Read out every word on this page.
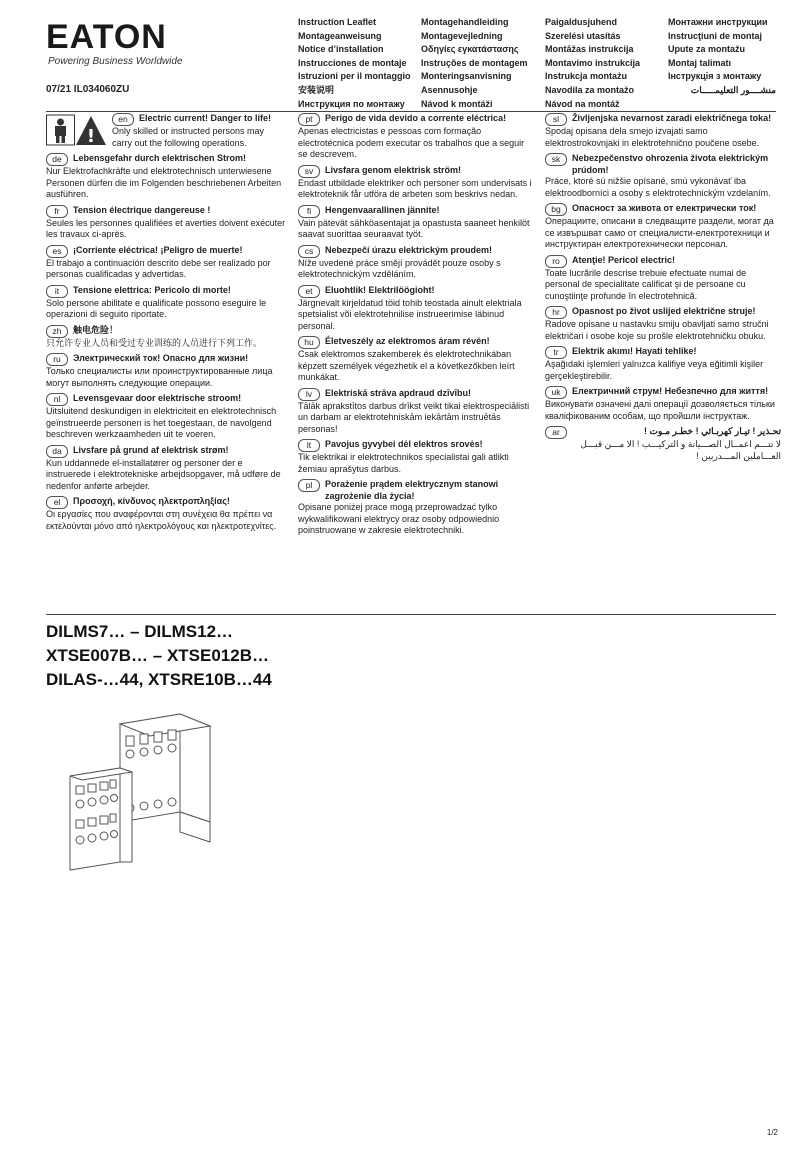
EATON
Powering Business Worldwide
07/21 IL034060ZU
Instruction Leaflet
Montageanweisung
Notice d’installation
Instrucciones de montaje
Istruzioni per il montaggio
安装说明
Инструкция по монтажу
Montagehandleiding
Montagevejledning
Οδηγίες εγκατάστασης
Instruções de montagem
Monteringsanvisning
Asennusohje
Návod k montáži
Paigaldusjuhend
Szerelési utasítás
Montāžas instrukcija
Montavimo instrukcija
Instrukcja montażu
Navodila za montažo
Návod na montáž
Монтажни инструкции
Instrucţiuni de montaj
Upute za montažu
Montaj talimatı
Інструкція з монтажу
منشــــور التعليمـــــات
!
en	Electric current! Danger to life!
Only skilled or instructed persons may carry out the following operations.
de	Lebensgefahr durch elektrischen Strom!
Nur Elektrofachkräfte und elektrotechnisch unterwiesene Personen dürfen die im Folgenden beschriebenen Arbeiten ausführen.
fr	Tension électrique dangereuse !
Seules les personnes qualifiées et averties doivent exécuter les travaux ci-après.
es	¡Corriente eléctrica! ¡Peligro de muerte!
El trabajo a continuación descrito debe ser realizado por personas cualificadas y advertidas.
it	Tensione elettrica: Pericolo di morte!
Solo persone abilitate e qualificate possono eseguire le operazioni di seguito riportate.
zh	触电危险！
只允许专业人员和受过专业训练的人员进行下列工作。
ru	Электрический ток! Опасно для жизни!
Только специалисты или проинструктированные лица могут выполнять следующие операции.
nl	Levensgevaar door elektrische stroom!
Uitsluitend deskundigen in elektriciteit en elektrotechnisch geïnstrueerde personen is het toegestaan, de navolgend beschreven werkzaamheden uit te voeren.
da	Livsfare på grund af elektrisk strøm!
Kun uddannede el-installatører og personer der e instruerede i elektrotekniske arbejdsopgaver, må udføre de nedenfor anførte arbejder.
el	Προσοχή, κίνδυνος ηλεκτροπληξίας!
Οι εργασίες που αναφέρονται στη συνέχεια θα πρέπει να εκτελούνται μόνο από ηλεκτρολόγους και ηλεκτροτεχνίτες.
pt	Perigo de vida devido a corrente eléctrica!
Apenas electricistas e pessoas com formação electrotécnica podem executar os trabalhos que a seguir se descrevem.
sv	Livsfara genom elektrisk ström!
Endast utbildade elektriker och personer som undervisats i elektroteknik får utföra de arbeten som beskrivs nedan.
fi	Hengenvaarallinen jännite!
Vain pätevät sähköasentajat ja opastusta saaneet henkilöt saavat suorittaa seuraavat työt.
cs	Nebezpečí úrazu elektrickým proudem!
Níže uvedené práce smějí provádět pouze osoby s elektrotechnickým vzděláním.
et	Eluohtlik! Elektrilöögioht!
Järgnevalt kirjeldatud töid tohib teostada ainult elektriala spetsialist või elektrotehnilise instrueerimise läbinud personal.
hu	Életveszély az elektromos áram révén!
Csak elektromos szakemberek és elektrotechnikában képzett személyek végezhetik el a következőkben leírt munkákat.
lv	Elektriskā strāva apdraud dzīvību!
Tālāk aprakstītos darbus drīkst veikt tikai elektrospeciālisti un darbam ar elektrotehniskām iekārtām instruētās personas!
lt	Pavojus gyvybei dėl elektros srovės!
Tik elektrikai ir elektrotechnikos specialistai gali atlikti žemiau aprašytus darbus.
pl	Porażenie prądem elektrycznym stanowi zagrożenie dla życia!
Opisane poniżej prace mogą przeprowadzać tylko wykwalifikowani elektrycy oraz osoby odpowiednio poinstruowane w zakresie elektrotechniki.
sl	Življenjska nevarnost zaradi električnega toka!
Spodaj opisana dela smejo izvajati samo elektrostrokovnjaki in elektrotehnično poučene osebe.
sk	Nebezpečenstvo ohrozenia života elektrickým prúdom!
Práce, ktoré sú nižšie opísané, smú vykonávať iba elektroodborníci a osoby s elektrotechnickým vzdelaním.
bg	Опасност за живота от електрически ток!
Операциите, описани в следващите раздели, могат да се извършват само от специалисти-електротехници и инструктиран електротехнически персонал.
ro	Atenţie! Pericol electric!
Toate lucrările descrise trebuie efectuate numai de personal de specialitate calificat şi de persoane cu cunoştiinţe profunde în electrotehnică.
hr	Opasnost po život uslijed električne struje!
Radove opisane u nastavku smiju obavljati samo stručni električari i osobe koje su prošle elektrotehničku obuku.
tr	Elektrik akımı! Hayati tehlike!
Aşağıdaki işlemleri yalnızca kalifiye veya eğitimli kişiler gerçekleştirebilir.
uk	Електричний струм! Небезпечно для життя!
Виконувати означені далі операції дозволяється тільки кваліфікованим особам, що пройшли інструктаж.
ar	تحـذير ! تيـار كهربـائي ! خطـر مـوت !
لا تتـــم اعمــال الصـــيانة و التركيـــب ! الا مـــن قبـــل العـــاملين المـــدربين !
DILMS7… – DILMS12…
XTSE007B… – XTSE012B…
DILAS-…44, XTSRE10B…44
1/2
